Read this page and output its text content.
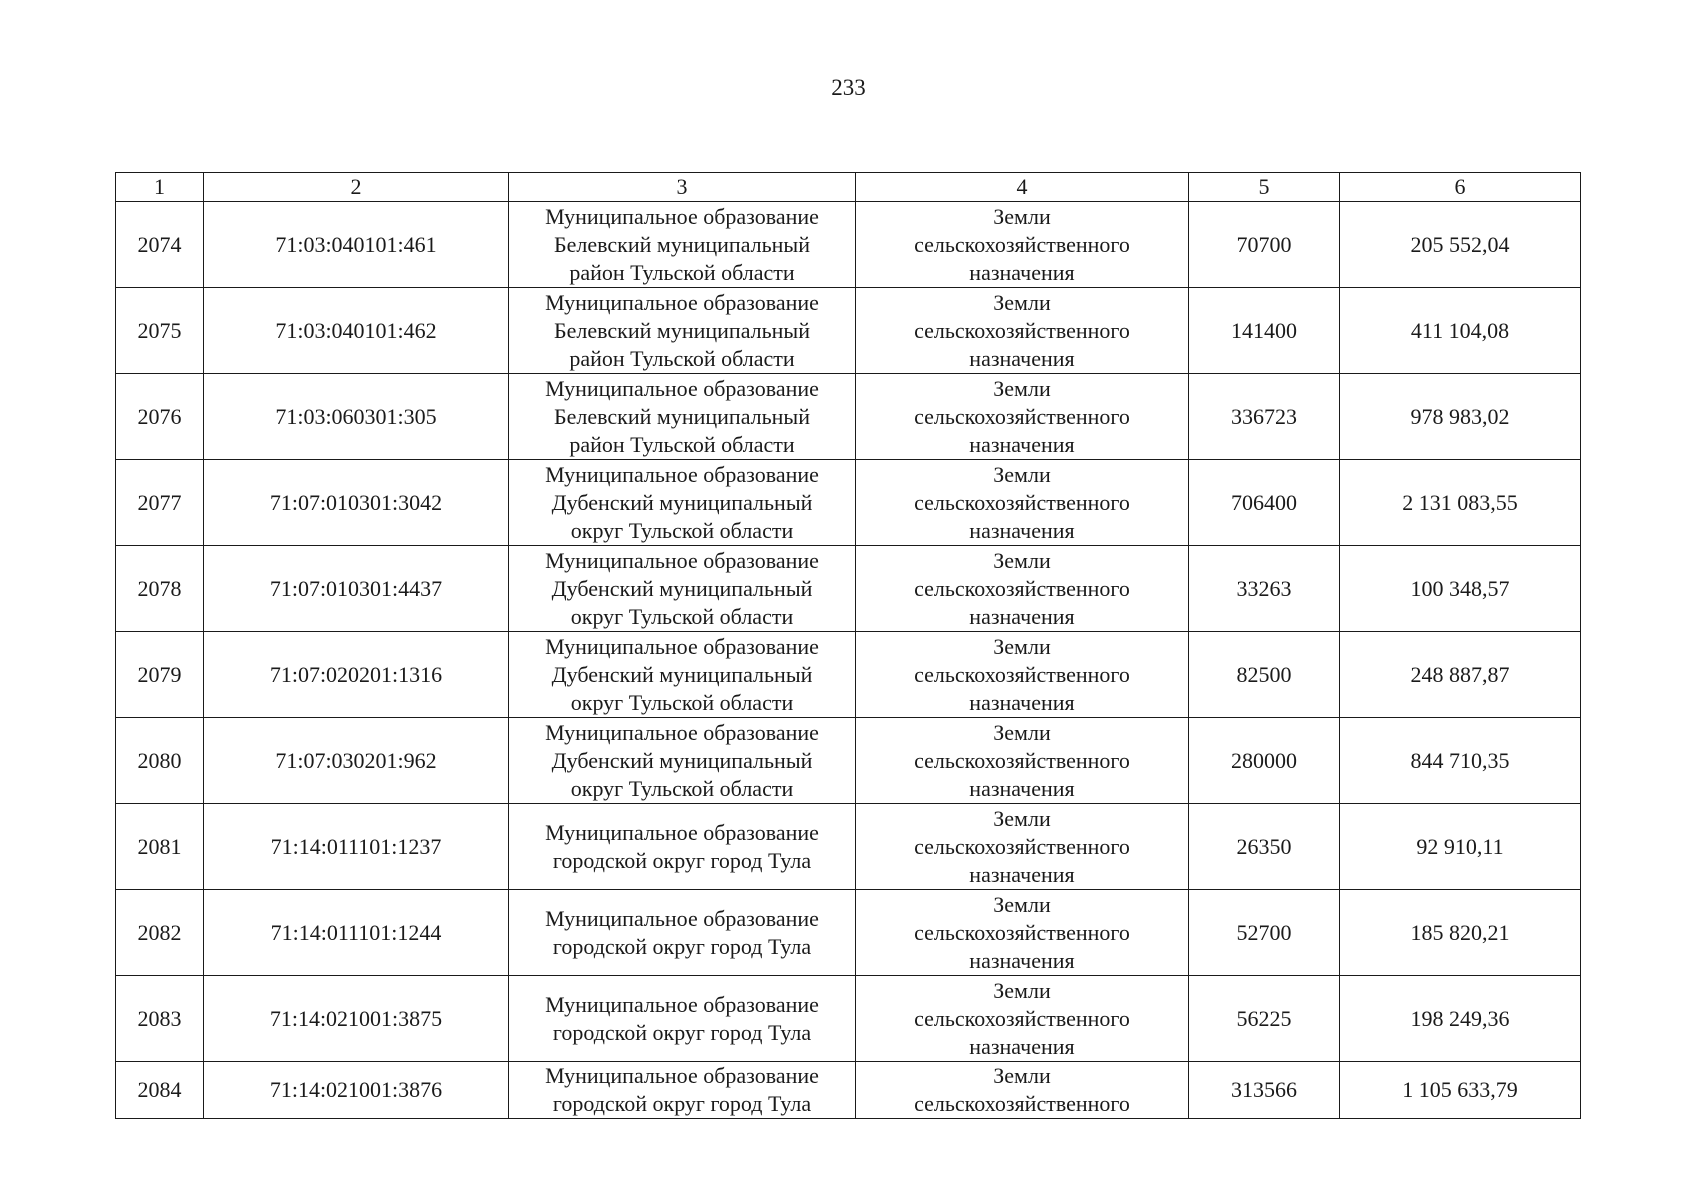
233
1	2	3	4	5	6

2074	71:03:040101:461	Муниципальное образование
Белевский муниципальный
район Тульской области	Земли
сельскохозяйственного
назначения	70700	205 552,04

2075	71:03:040101:462	Муниципальное образование
Белевский муниципальный
район Тульской области	Земли
сельскохозяйственного
назначения	141400	411 104,08

2076	71:03:060301:305	Муниципальное образование
Белевский муниципальный
район Тульской области	Земли
сельскохозяйственного
назначения	336723	978 983,02

2077	71:07:010301:3042	Муниципальное образование
Дубенский муниципальный
округ Тульской области	Земли
сельскохозяйственного
назначения	706400	2 131 083,55

2078	71:07:010301:4437	Муниципальное образование
Дубенский муниципальный
округ Тульской области	Земли
сельскохозяйственного
назначения	33263	100 348,57

2079	71:07:020201:1316	Муниципальное образование
Дубенский муниципальный
округ Тульской области	Земли
сельскохозяйственного
назначения	82500	248 887,87

2080	71:07:030201:962	Муниципальное образование
Дубенский муниципальный
округ Тульской области	Земли
сельскохозяйственного
назначения	280000	844 710,35

2081	71:14:011101:1237	Муниципальное образование
городской округ город Тула	Земли
сельскохозяйственного
назначения	26350	92 910,11

2082	71:14:011101:1244	Муниципальное образование
городской округ город Тула	Земли
сельскохозяйственного
назначения	52700	185 820,21

2083	71:14:021001:3875	Муниципальное образование
городской округ город Тула	Земли
сельскохозяйственного
назначения	56225	198 249,36

2084	71:14:021001:3876	Муниципальное образование
городской округ город Тула	Земли
сельскохозяйственного	313566	1 105 633,79
